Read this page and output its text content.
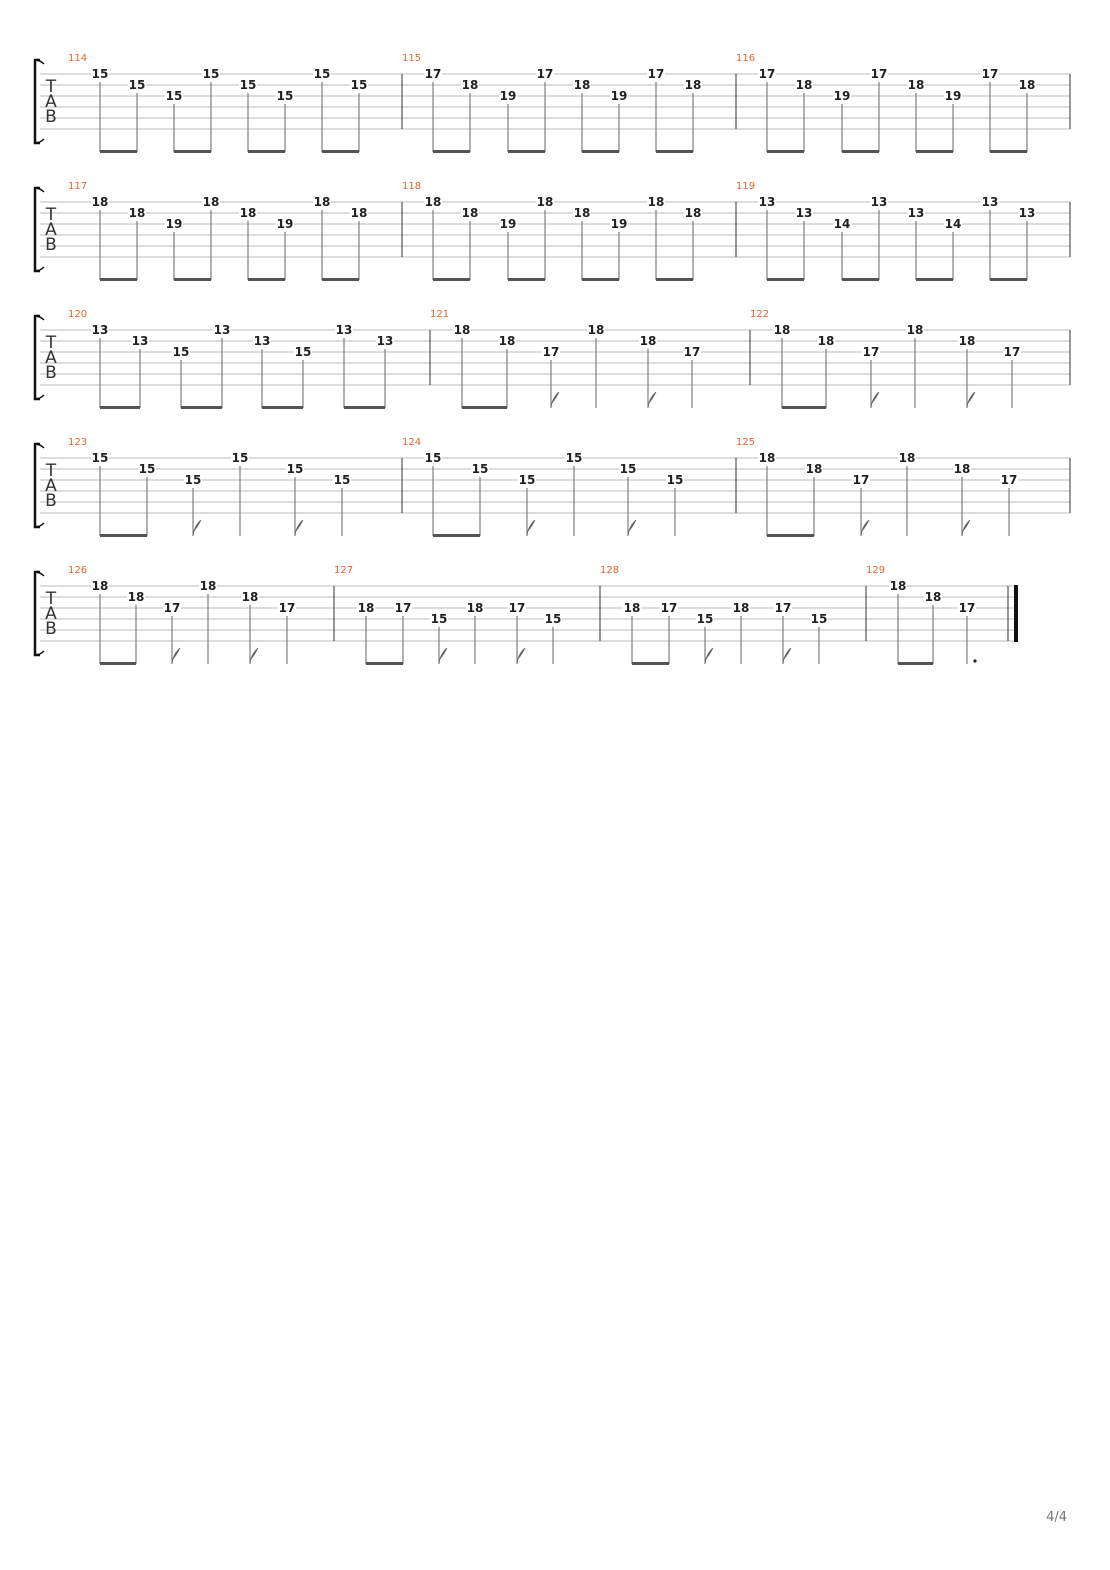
T
A
B
114
15
15
15
15
15
15
15
15
115
17
18
19
17
18
19
17
18
116
17
18
19
17
18
19
17
18
T
A
B
117
18
18
19
18
18
19
18
18
118
18
18
19
18
18
19
18
18
119
13
13
14
13
13
14
13
13
T
A
B
120
13
13
15
13
13
15
13
13
121
18
18
17
18
18
17
122
18
18
17
18
18
17
T
A
B
123
15
15
15
15
15
15
124
15
15
15
15
15
15
125
18
18
17
18
18
17
T
A
B
126
18
18
17
18
18
17
127
18 17
15
18 17
15
128
18 17
15
18 17
15
129
18
18
17
4/4
